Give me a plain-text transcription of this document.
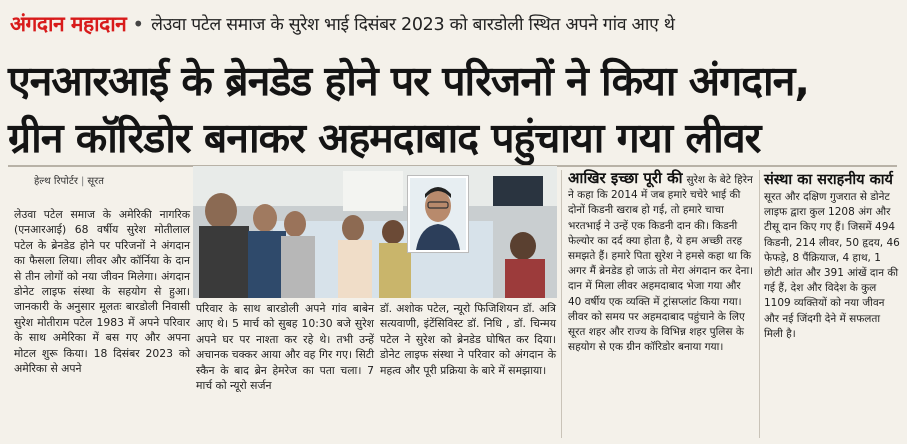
अंगदान महादान • लेउवा पटेल समाज के सुरेश भाई दिसंबर 2023 को बारडोली स्थित अपने गांव आए थे
एनआरआई के ब्रेनडेड होने पर परिजनों ने किया अंगदान,
ग्रीन कॉरिडोर बनाकर अहमदाबाद पहुंचाया गया लीवर
हेल्थ रिपोर्टर | सूरत
लेउवा पटेल समाज के अमेरिकी नागरिक (एनआरआई) 68 वर्षीय सुरेश मोतीलाल पटेल के ब्रेनडेड होने पर परिजनों ने अंगदान का फैसला लिया। लीवर और कॉर्निया के दान से तीन लोगों को नया जीवन मिलेगा। अंगदान डोनेट लाइफ संस्था के सहयोग से हुआ। जानकारी के अनुसार मूलतः बारडोली निवासी सुरेश मोतीराम पटेल 1983 में अपने परिवार के साथ अमेरिका में बस गए और अपना मोटल शुरू किया। 18 दिसंबर 2023 को अमेरिका से अपने
परिवार के साथ बारडोली अपने गांव बाबेन आए थे। 5 मार्च को सुबह 10:30 बजे सुरेश अपने घर पर नाश्ता कर रहे थे। तभी उन्हें अचानक चक्कर आया और वह गिर गए। सिटी स्कैन के बाद ब्रेन हेमरेज का पता चला। 7 मार्च को न्यूरो सर्जन
डॉ. अशोक पटेल, न्यूरो फिजिशियन डॉ. अत्रि सत्यवाणी, इंटेंसिविस्ट डॉ. निधि , डॉ. चिन्मय पटेल ने सुरेश को ब्रेनडेड घोषित कर दिया। डोनेट लाइफ संस्था ने परिवार को अंगदान के महत्व और पूरी प्रक्रिया के बारे में समझाया।
आखिर इच्छा पूरी की सुरेश के बेटे हिरेन ने कहा कि 2014 में जब हमारे चचेरे भाई की दोनों किडनी खराब हो गई, तो हमारे चाचा भरतभाई ने उन्हें एक किडनी दान की। किडनी फेल्योर का दर्द क्या होता है, ये हम अच्छी तरह समझते हैं। हमारे पिता सुरेश ने हमसे कहा था कि अगर मैं ब्रेनडेड हो जाऊं तो मेरा अंगदान कर देना। दान में मिला लीवर अहमदाबाद भेजा गया और 40 वर्षीय एक व्यक्ति में ट्रांसप्लांट किया गया। लीवर को समय पर अहमदाबाद पहुंचाने के लिए सूरत शहर और राज्य के विभिन्न शहर पुलिस के सहयोग से एक ग्रीन कॉरिडोर बनाया गया।
संस्था का सराहनीय कार्य सूरत और दक्षिण गुजरात से डोनेट लाइफ द्वारा कुल 1208 अंग और टीसू दान किए गए हैं। जिसमें 494 किडनी, 214 लीवर, 50 हृदय, 46 फेफड़े, 8 पैंक्रियाज, 4 हाथ, 1 छोटी आंत और 391 आंखें दान की गई हैं, देश और विदेश के कुल 1109 व्यक्तियों को नया जीवन और नई जिंदगी देने में सफलता मिली है।
